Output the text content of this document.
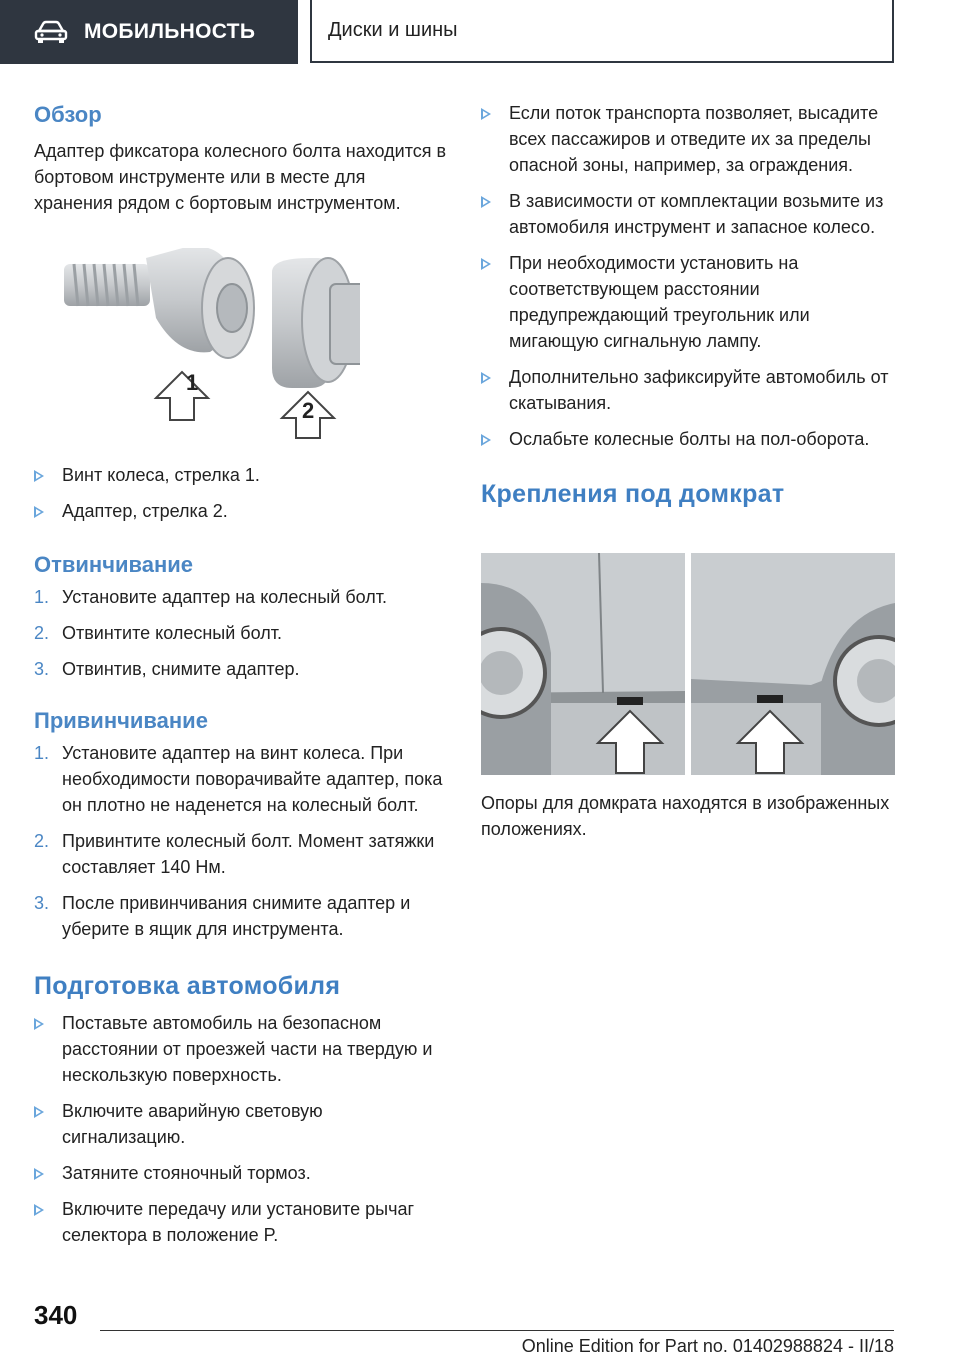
МОБИЛЬНОСТЬ	Диски и шины
Обзор

Адаптер фиксатора колесного болта находится в бортовом инструменте или в месте для хранения рядом с бортовым инструментом.

1
2
Винт колеса, стрелка 1.
Адаптер, стрелка 2.
Отвинчивание
1. Установите адаптер на колесный болт.
2. Отвинтите колесный болт.
3. Отвинтив, снимите адаптер.
Привинчивание
1. Установите адаптер на винт колеса. При необходимости поворачивайте адаптер, пока он плотно не наденется на колесный болт.
2. Привинтите колесный болт. Момент затяжки составляет 140 Нм.
3. После привинчивания снимите адаптер и уберите в ящик для инструмента.
Подготовка автомобиля
Поставьте автомобиль на безопасном расстоянии от проезжей части на твердую и нескользкую поверхность.
Включите аварийную световую сигнализацию.
Затяните стояночный тормоз.
Включите передачу или установите рычаг селектора в положение P.
Если поток транспорта позволяет, высадите всех пассажиров и отведите их за пределы опасной зоны, например, за ограждения.
В зависимости от комплектации возьмите из автомобиля инструмент и запасное колесо.
При необходимости установить на соответствующем расстоянии предупреждающий треугольник или мигающую сигнальную лампу.
Дополнительно зафиксируйте автомобиль от скатывания.
Ослабьте колесные болты на пол-оборота.
Крепления под домкрат

Опоры для домкрата находятся в изображенных положениях.

340
Online Edition for Part no. 01402988824 - II/18
